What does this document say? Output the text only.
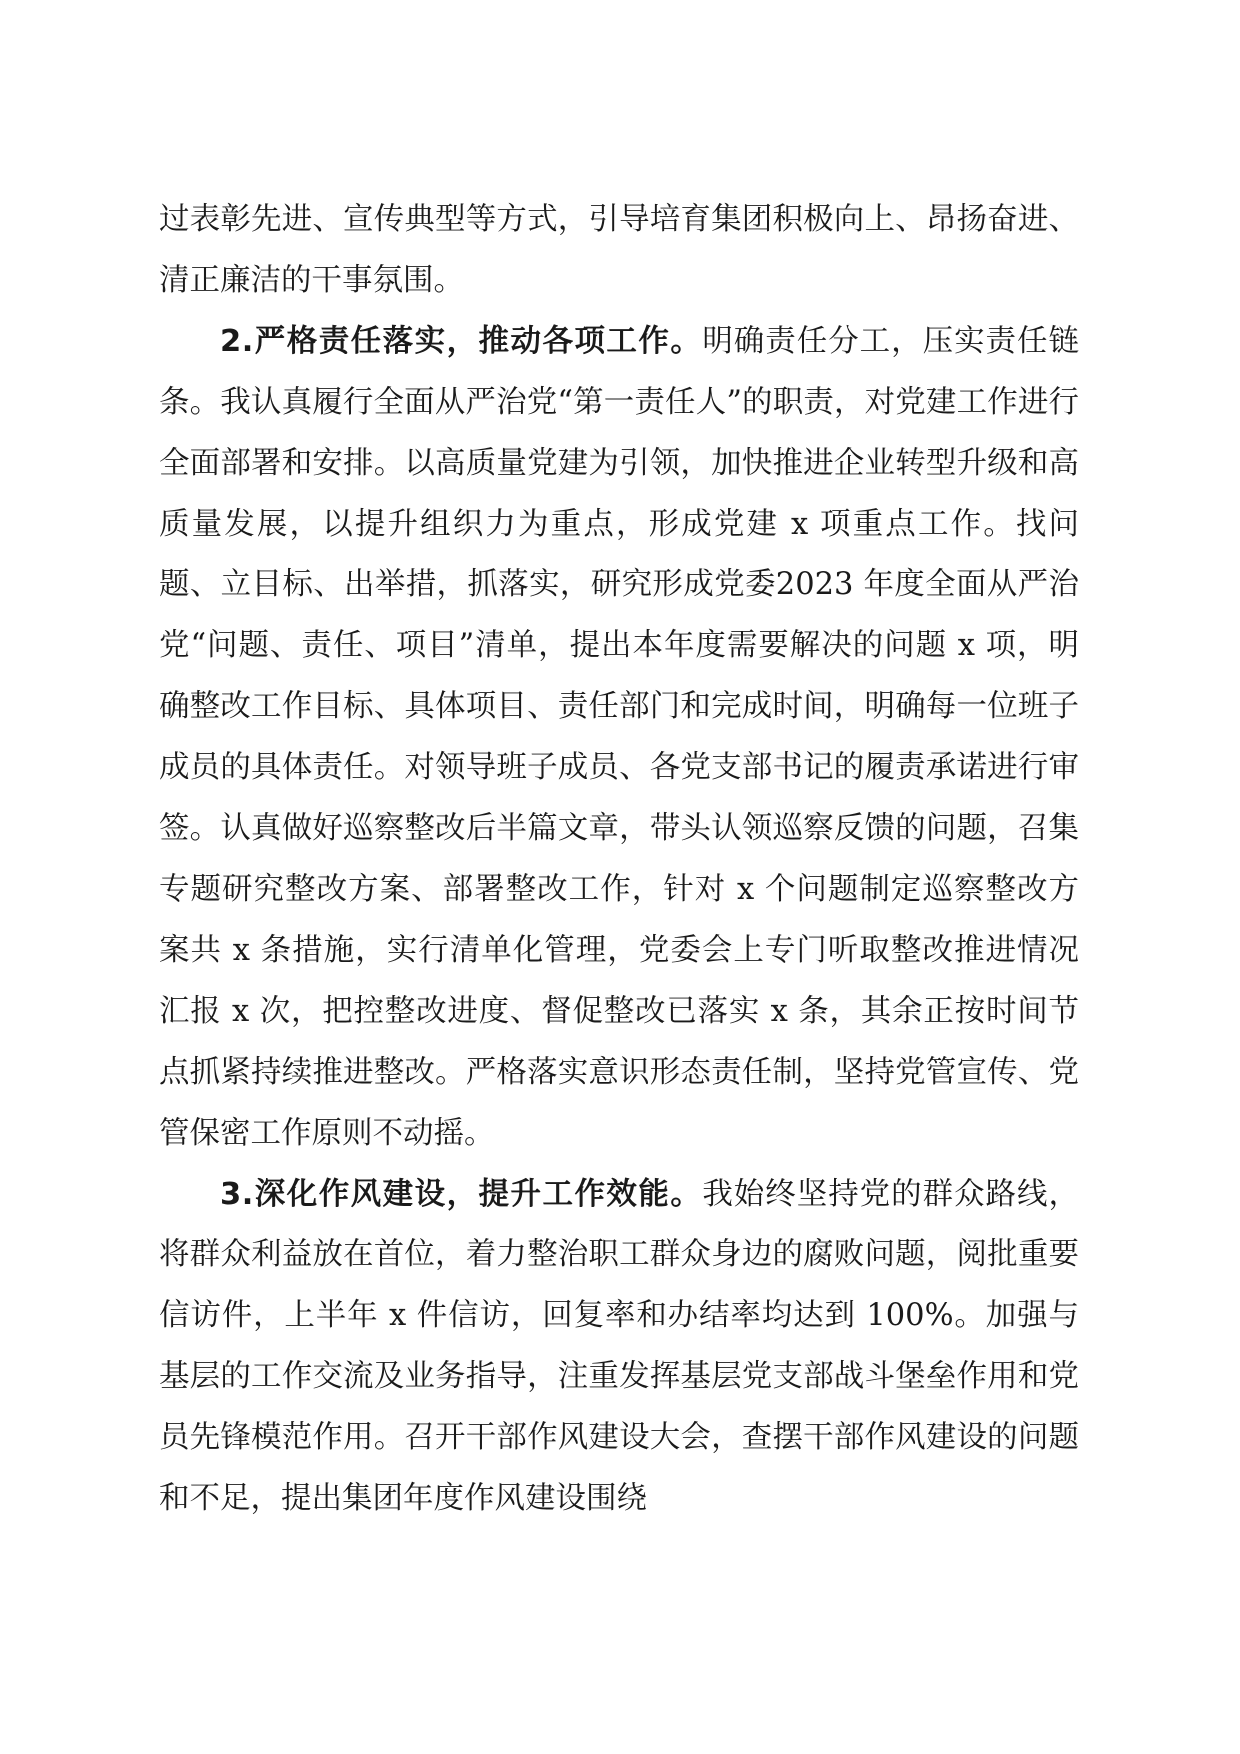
过表彰先进、宣传典型等方式，引导培育集团积极向上、昂扬奋进、清正廉洁的干事氛围。

2.严格责任落实，推动各项工作。明确责任分工，压实责任链条。我认真履行全面从严治党“第一责任人”的职责，对党建工作进行全面部署和安排。以高质量党建为引领，加快推进企业转型升级和高质量发展，以提升组织力为重点，形成党建 x 项重点工作。找问题、立目标、出举措，抓落实，研究形成党委2023 年度全面从严治党“问题、责任、项目”清单，提出本年度需要解决的问题 x 项，明确整改工作目标、具体项目、责任部门和完成时间，明确每一位班子成员的具体责任。对领导班子成员、各党支部书记的履责承诺进行审签。认真做好巡察整改后半篇文章，带头认领巡察反馈的问题，召集专题研究整改方案、部署整改工作，针对 x 个问题制定巡察整改方案共 x 条措施，实行清单化管理，党委会上专门听取整改推进情况汇报 x 次，把控整改进度、督促整改已落实 x 条，其余正按时间节点抓紧持续推进整改。严格落实意识形态责任制，坚持党管宣传、党管保密工作原则不动摇。

3.深化作风建设，提升工作效能。我始终坚持党的群众路线，将群众利益放在首位，着力整治职工群众身边的腐败问题，阅批重要信访件，上半年 x 件信访，回复率和办结率均达到 100%。加强与基层的工作交流及业务指导，注重发挥基层党支部战斗堡垒作用和党员先锋模范作用。召开干部作风建设大会，查摆干部作风建设的问题和不足，提出集团年度作风建设围绕
